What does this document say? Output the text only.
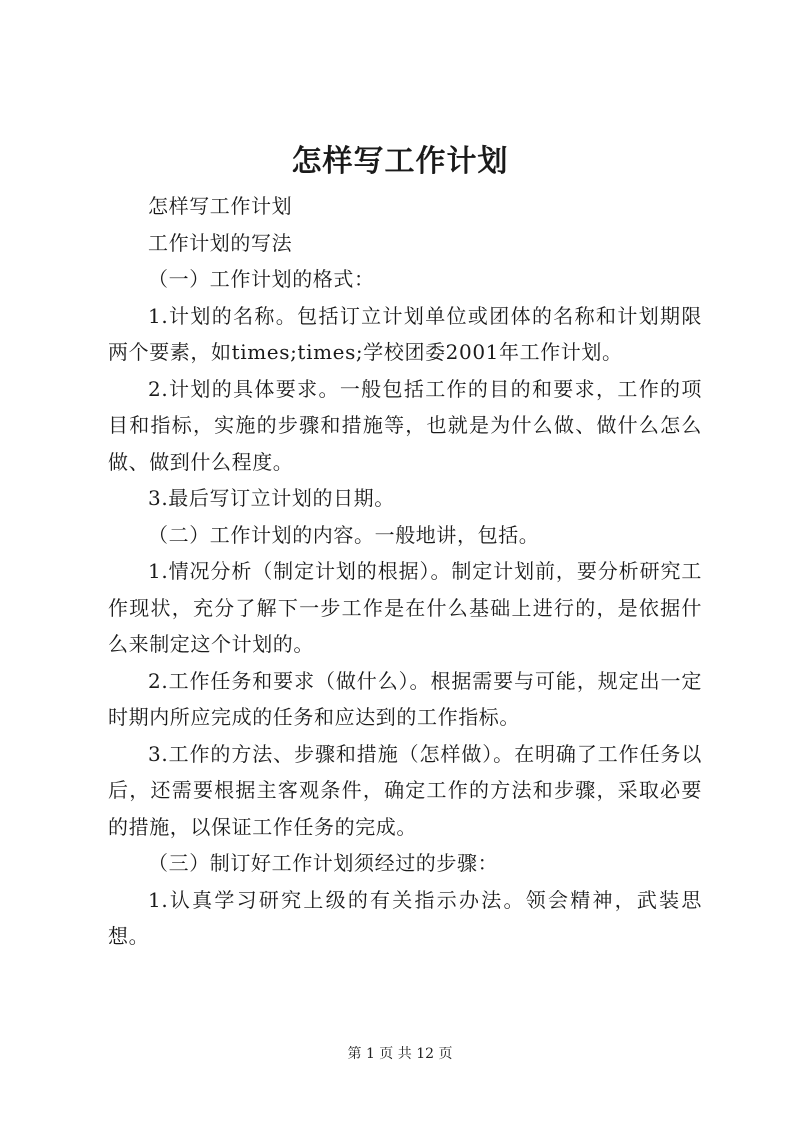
怎样写工作计划

怎样写工作计划

工作计划的写法

（一）工作计划的格式：

1.计划的名称。包括订立计划单位或团体的名称和计划期限两个要素，如times;times;学校团委2001年工作计划。

2.计划的具体要求。一般包括工作的目的和要求，工作的项目和指标，实施的步骤和措施等，也就是为什么做、做什么怎么做、做到什么程度。

3.最后写订立计划的日期。

（二）工作计划的内容。一般地讲，包括。

1.情况分析（制定计划的根据）。制定计划前，要分析研究工作现状，充分了解下一步工作是在什么基础上进行的，是依据什么来制定这个计划的。

2.工作任务和要求（做什么）。根据需要与可能，规定出一定时期内所应完成的任务和应达到的工作指标。

3.工作的方法、步骤和措施（怎样做）。在明确了工作任务以后，还需要根据主客观条件，确定工作的方法和步骤，采取必要的措施，以保证工作任务的完成。

（三）制订好工作计划须经过的步骤：

1.认真学习研究上级的有关指示办法。领会精神，武装思想。

第 1 页 共 12 页
